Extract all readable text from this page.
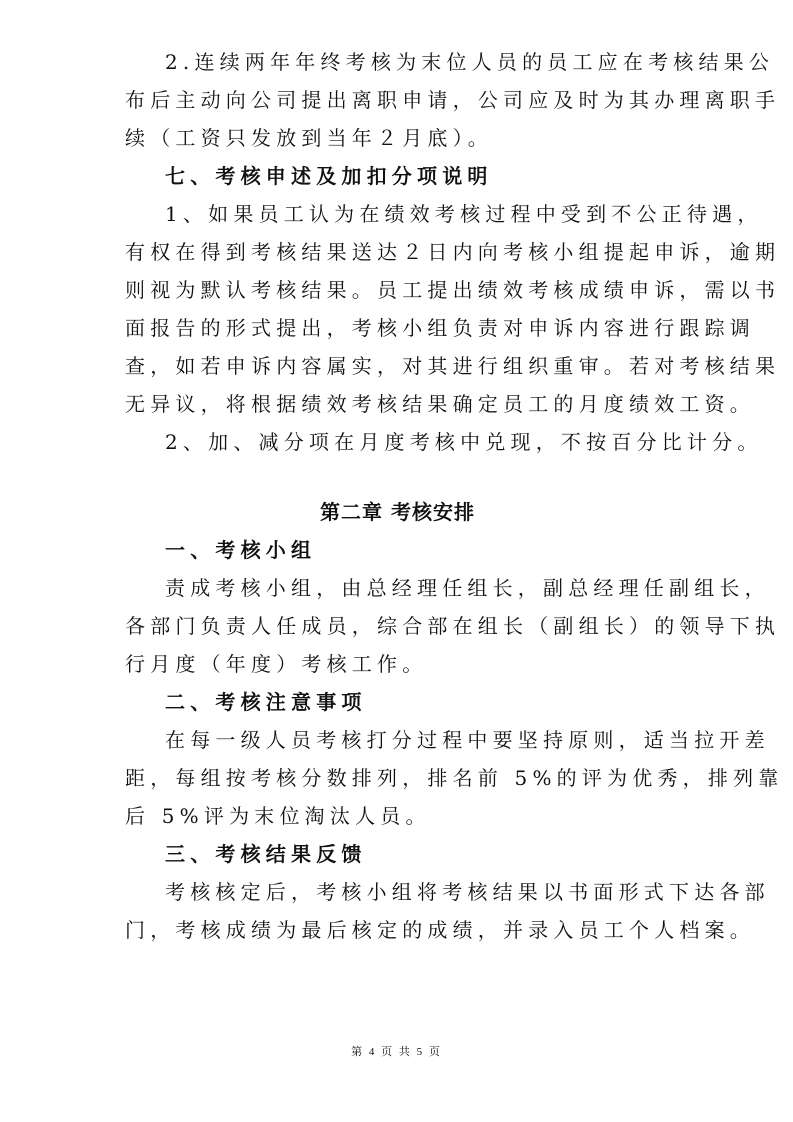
2.连续两年年终考核为末位人员的员工应在考核结果公
布后主动向公司提出离职申请，公司应及时为其办理离职手
续（工资只发放到当年２月底）。
七、考核申述及加扣分项说明
1、如果员工认为在绩效考核过程中受到不公正待遇，
有权在得到考核结果送达２日内向考核小组提起申诉，逾期
则视为默认考核结果。员工提出绩效考核成绩申诉，需以书
面报告的形式提出，考核小组负责对申诉内容进行跟踪调
查，如若申诉内容属实，对其进行组织重审。若对考核结果
无异议，将根据绩效考核结果确定员工的月度绩效工资。
2、加、减分项在月度考核中兑现，不按百分比计分。
第二章 考核安排
一、考核小组
责成考核小组，由总经理任组长，副总经理任副组长，
各部门负责人任成员，综合部在组长（副组长）的领导下执
行月度（年度）考核工作。
二、考核注意事项
在每一级人员考核打分过程中要坚持原则，适当拉开差
距，每组按考核分数排列，排名前 5%的评为优秀，排列靠
后 5%评为末位淘汰人员。
三、考核结果反馈
考核核定后，考核小组将考核结果以书面形式下达各部
门，考核成绩为最后核定的成绩，并录入员工个人档案。
第 4 页 共 5 页
